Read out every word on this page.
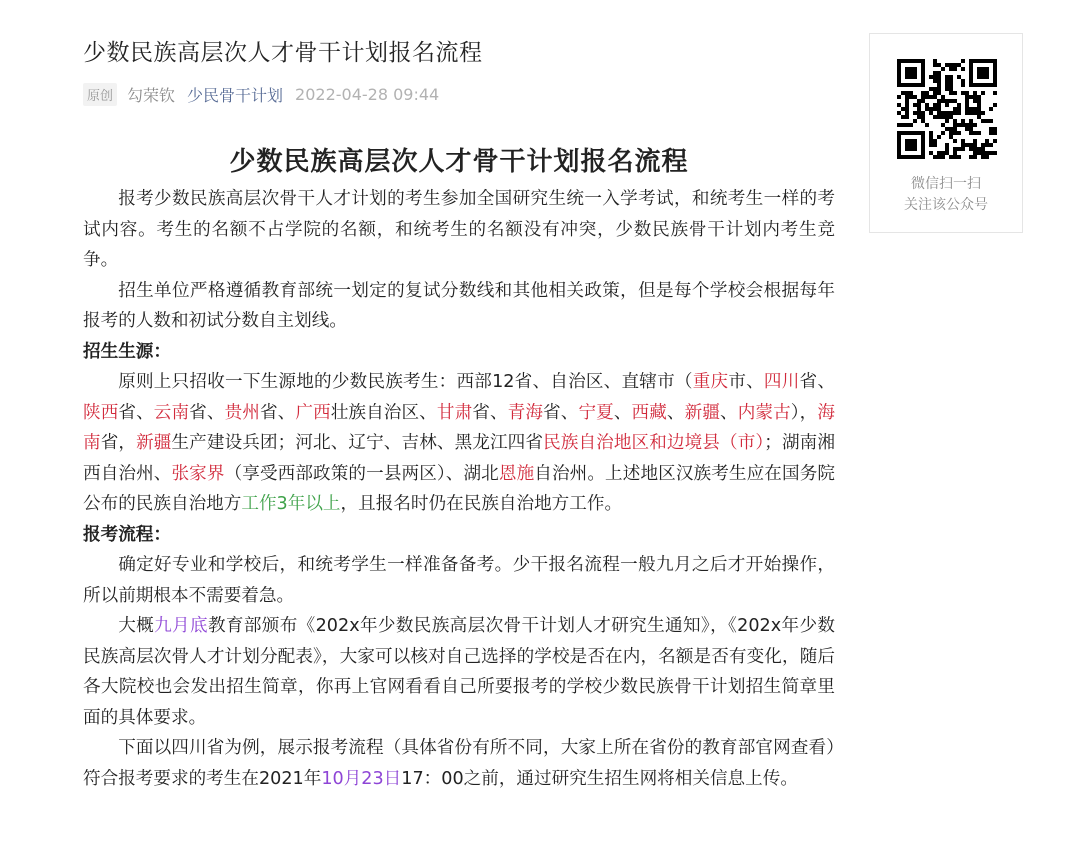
少数民族高层次人才骨干计划报名流程
原创 勾荣钦 少民骨干计划 2022-04-28 09:44
微信扫一扫
关注该公众号
少数民族高层次人才骨干计划报名流程

报考少数民族高层次骨干人才计划的考生参加全国研究生统一入学考试，和统考生一样的考试内容。考生的名额不占学院的名额，和统考生的名额没有冲突，少数民族骨干计划内考生竞争。

招生单位严格遵循教育部统一划定的复试分数线和其他相关政策，但是每个学校会根据每年报考的人数和初试分数自主划线。

招生生源：

原则上只招收一下生源地的少数民族考生：西部12省、自治区、直辖市（重庆市、四川省、陕西省、云南省、贵州省、广西壮族自治区、甘肃省、青海省、宁夏、西藏、新疆、内蒙古），海南省，新疆生产建设兵团；河北、辽宁、吉林、黑龙江四省民族自治地区和边境县（市）；湖南湘西自治州、张家界（享受西部政策的一县两区）、湖北恩施自治州。上述地区汉族考生应在国务院公布的民族自治地方工作3年以上，且报名时仍在民族自治地方工作。

报考流程：

确定好专业和学校后，和统考学生一样准备备考。少干报名流程一般九月之后才开始操作，所以前期根本不需要着急。

大概九月底教育部颁布《202x年少数民族高层次骨干计划人才研究生通知》，《202x年少数民族高层次骨人才计划分配表》，大家可以核对自己选择的学校是否在内，名额是否有变化，随后各大院校也会发出招生简章，你再上官网看看自己所要报考的学校少数民族骨干计划招生简章里面的具体要求。

下面以四川省为例，展示报考流程（具体省份有所不同，大家上所在省份的教育部官网查看）符合报考要求的考生在2021年10月23日17：00之前，通过研究生招生网将相关信息上传。
